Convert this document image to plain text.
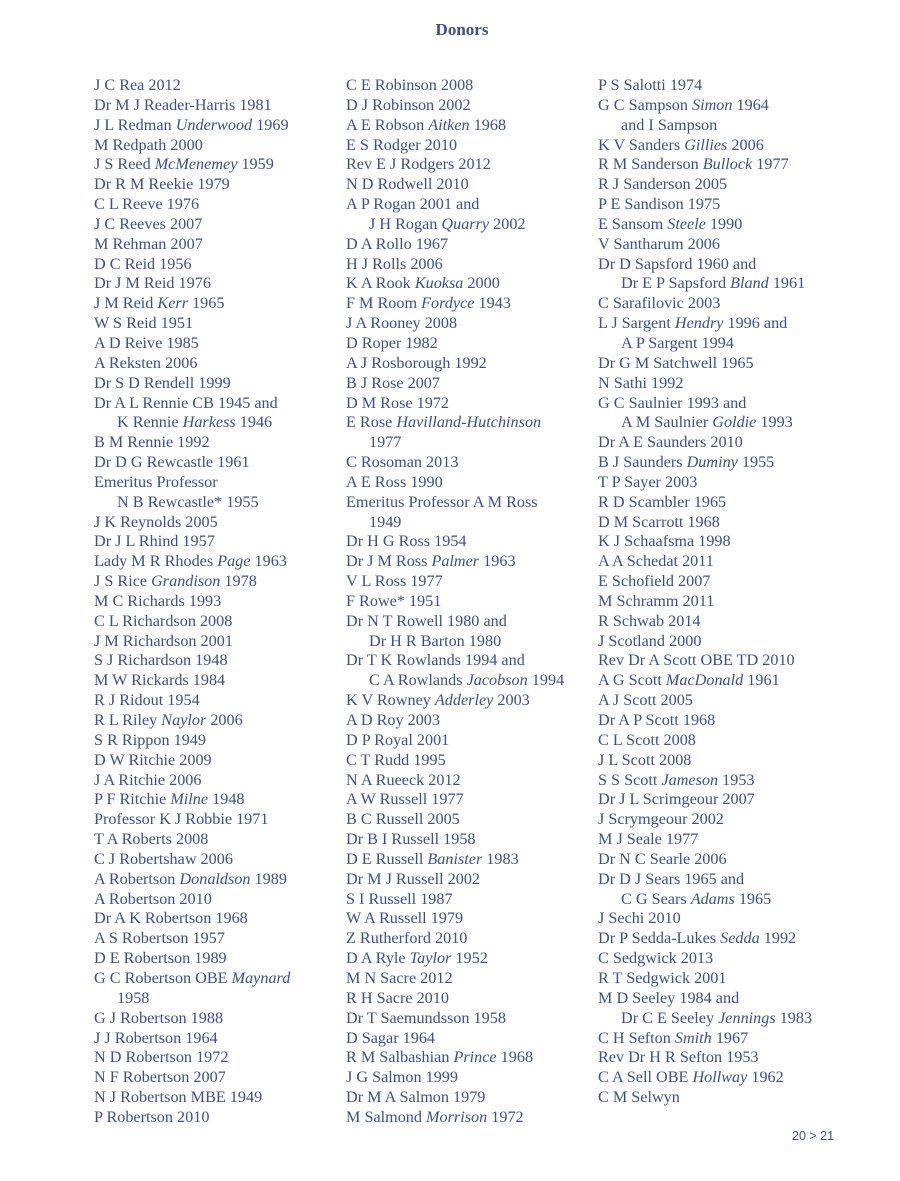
Donors
J C Rea 2012
Dr M J Reader-Harris 1981
J L Redman Underwood 1969
M Redpath 2000
J S Reed McMenemey 1959
Dr R M Reekie 1979
C L Reeve 1976
J C Reeves 2007
M Rehman 2007
D C Reid 1956
Dr J M Reid 1976
J M Reid Kerr 1965
W S Reid 1951
A D Reive 1985
A Reksten 2006
Dr S D Rendell 1999
Dr A L Rennie CB 1945 and
K Rennie Harkess 1946
B M Rennie 1992
Dr D G Rewcastle 1961
Emeritus Professor
N B Rewcastle* 1955
J K Reynolds 2005
Dr J L Rhind 1957
Lady M R Rhodes Page 1963
J S Rice Grandison 1978
M C Richards 1993
C L Richardson 2008
J M Richardson 2001
S J Richardson 1948
M W Rickards 1984
R J Ridout 1954
R L Riley Naylor 2006
S R Rippon 1949
D W Ritchie 2009
J A Ritchie 2006
P F Ritchie Milne 1948
Professor K J Robbie 1971
T A Roberts 2008
C J Robertshaw 2006
A Robertson Donaldson 1989
A Robertson 2010
Dr A K Robertson 1968
A S Robertson 1957
D E Robertson 1989
G C Robertson OBE Maynard
1958
G J Robertson 1988
J J Robertson 1964
N D Robertson 1972
N F Robertson 2007
N J Robertson MBE 1949
P Robertson 2010
C E Robinson 2008
D J Robinson 2002
A E Robson Aitken 1968
E S Rodger 2010
Rev E J Rodgers 2012
N D Rodwell 2010
A P Rogan 2001 and
J H Rogan Quarry 2002
D A Rollo 1967
H J Rolls 2006
K A Rook Kuoksa 2000
F M Room Fordyce 1943
J A Rooney 2008
D Roper 1982
A J Rosborough 1992
B J Rose 2007
D M Rose 1972
E Rose Havilland-Hutchinson
1977
C Rosoman 2013
A E Ross 1990
Emeritus Professor A M Ross
1949
Dr H G Ross 1954
Dr J M Ross Palmer 1963
V L Ross 1977
F Rowe* 1951
Dr N T Rowell 1980 and
Dr H R Barton 1980
Dr T K Rowlands 1994 and
C A Rowlands Jacobson 1994
K V Rowney Adderley 2003
A D Roy 2003
D P Royal 2001
C T Rudd 1995
N A Rueeck 2012
A W Russell 1977
B C Russell 2005
Dr B I Russell 1958
D E Russell Banister 1983
Dr M J Russell 2002
S I Russell 1987
W A Russell 1979
Z Rutherford 2010
D A Ryle Taylor 1952
M N Sacre 2012
R H Sacre 2010
Dr T Saemundsson 1958
D Sagar 1964
R M Salbashian Prince 1968
J G Salmon 1999
Dr M A Salmon 1979
M Salmond Morrison 1972
P S Salotti 1974
G C Sampson Simon 1964
and I Sampson
K V Sanders Gillies 2006
R M Sanderson Bullock 1977
R J Sanderson 2005
P E Sandison 1975
E Sansom Steele 1990
V Santharum 2006
Dr D Sapsford 1960 and
Dr E P Sapsford Bland 1961
C Sarafilovic 2003
L J Sargent Hendry 1996 and
A P Sargent 1994
Dr G M Satchwell 1965
N Sathi 1992
G C Saulnier 1993 and
A M Saulnier Goldie 1993
Dr A E Saunders 2010
B J Saunders Duminy 1955
T P Sayer 2003
R D Scambler 1965
D M Scarrott 1968
K J Schaafsma 1998
A A Schedat 2011
E Schofield 2007
M Schramm 2011
R Schwab 2014
J Scotland 2000
Rev Dr A Scott OBE TD 2010
A G Scott MacDonald 1961
A J Scott 2005
Dr A P Scott 1968
C L Scott 2008
J L Scott 2008
S S Scott Jameson 1953
Dr J L Scrimgeour 2007
J Scrymgeour 2002
M J Seale 1977
Dr N C Searle 2006
Dr D J Sears 1965 and
C G Sears Adams 1965
J Sechi 2010
Dr P Sedda-Lukes Sedda 1992
C Sedgwick 2013
R T Sedgwick 2001
M D Seeley 1984 and
Dr C E Seeley Jennings 1983
C H Sefton Smith 1967
Rev Dr H R Sefton 1953
C A Sell OBE Hollway 1962
C M Selwyn
20 > 21
